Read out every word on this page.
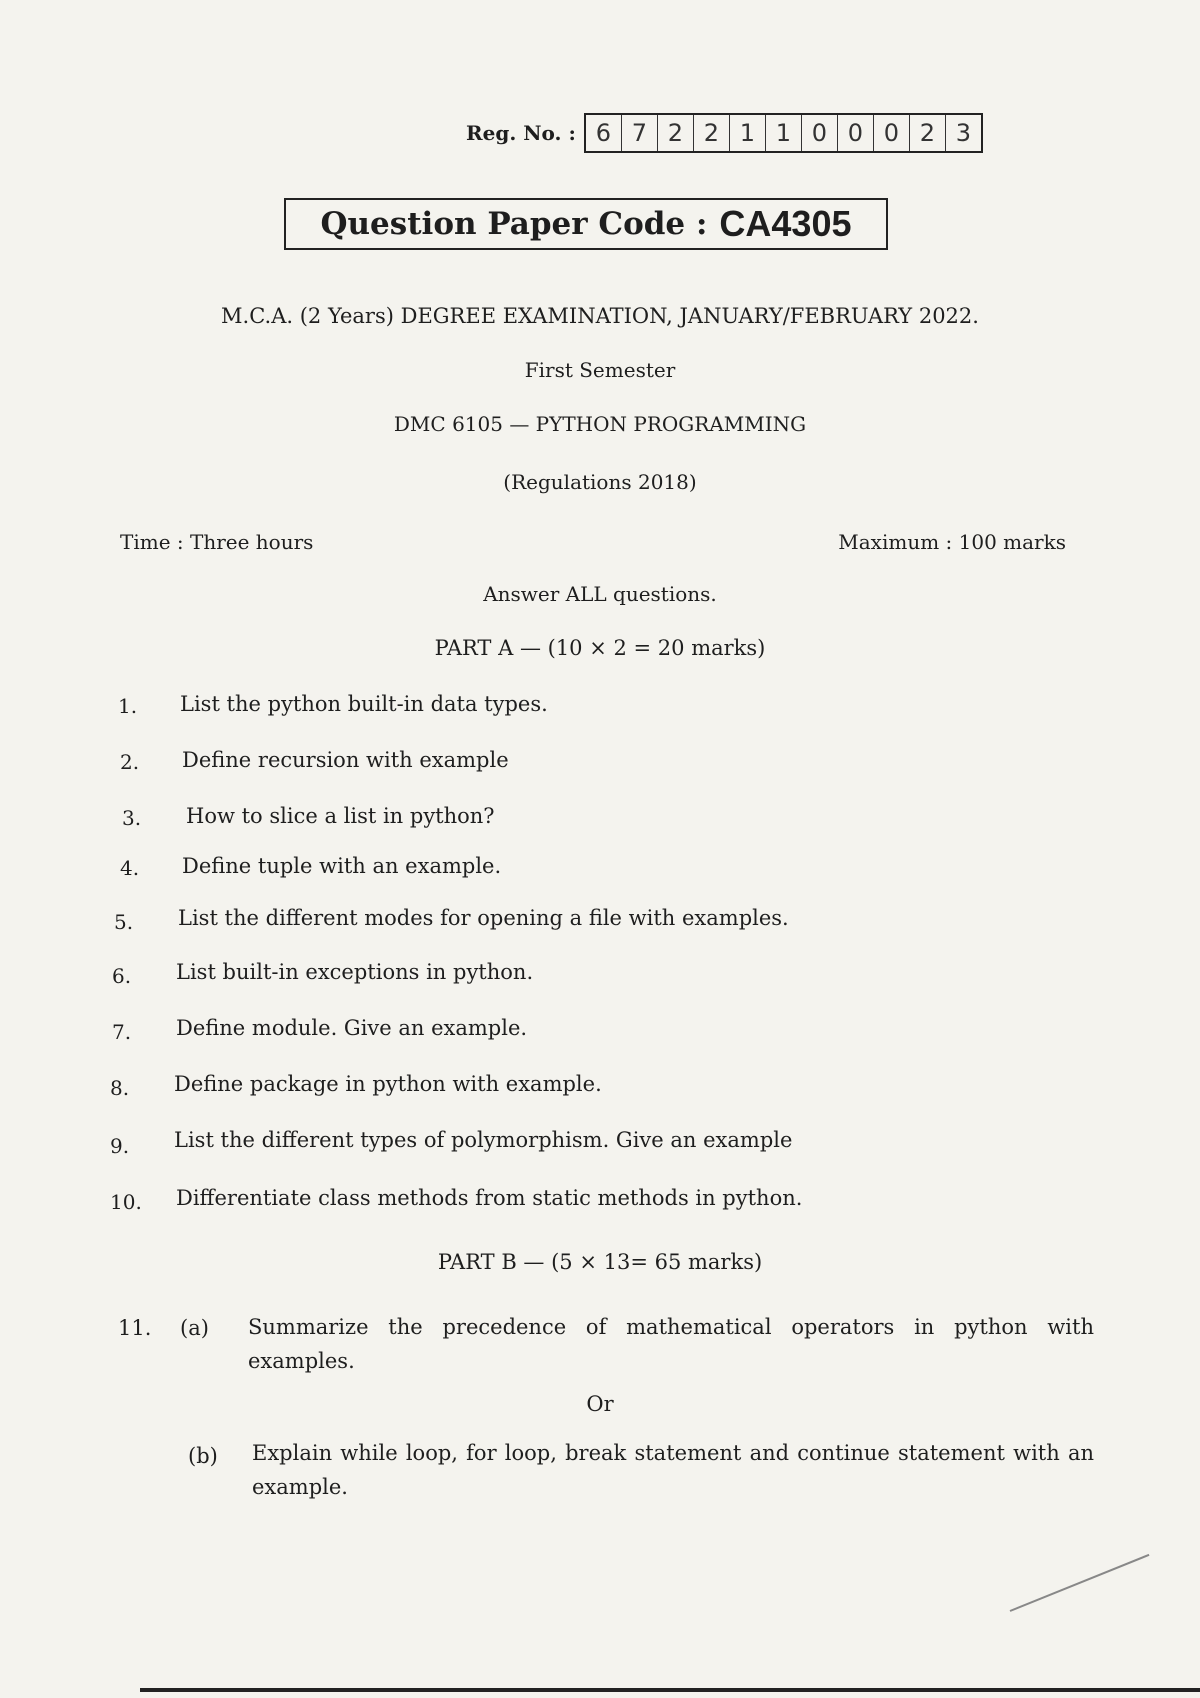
Reg. No. : 6 7 2 2 1 1 0 0 0 2 3
Question Paper Code : CA4305
M.C.A. (2 Years) DEGREE EXAMINATION, JANUARY/FEBRUARY 2022.
First Semester
DMC 6105 — PYTHON PROGRAMMING
(Regulations 2018)
Time : Three hours	Maximum : 100 marks
Answer ALL questions.
PART A — (10 × 2 = 20 marks)
1. List the python built-in data types.
2. Define recursion with example
3. How to slice a list in python?
4. Define tuple with an example.
5. List the different modes for opening a file with examples.
6. List built-in exceptions in python.
7. Define module. Give an example.
8. Define package in python with example.
9. List the different types of polymorphism. Give an example
10. Differentiate class methods from static methods in python.
PART B — (5 × 13= 65 marks)
11. (a) Summarize the precedence of mathematical operators in python with examples.
Or
(b) Explain while loop, for loop, break statement and continue statement with an example.
